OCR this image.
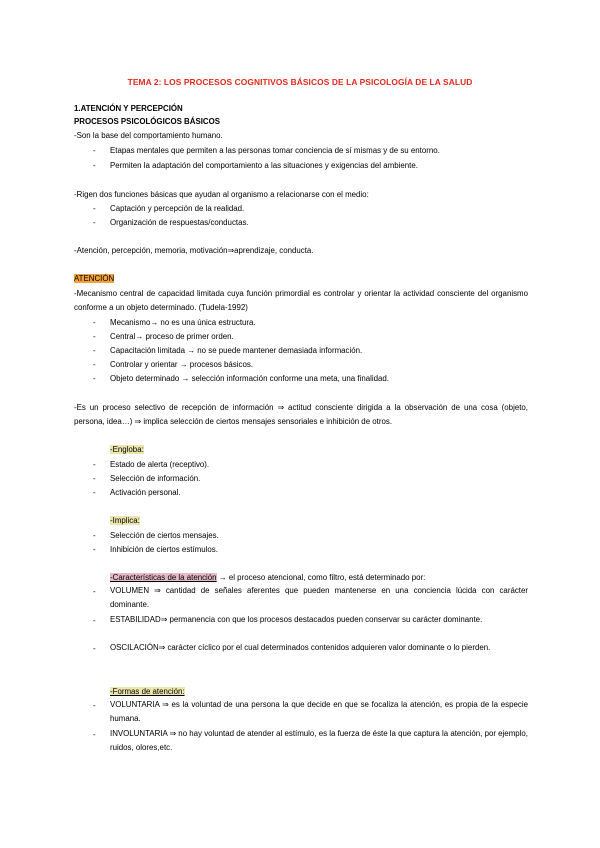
TEMA 2: LOS PROCESOS COGNITIVOS BÁSICOS DE LA PSICOLOGÍA DE LA SALUD
1.ATENCIÓN Y PERCEPCIÓN
PROCESOS PSICOLÓGICOS BÁSICOS
-Son la base del comportamiento humano.
- Etapas mentales que permiten a las personas tomar conciencia de sí mismas y de su entorno.
- Permiten la adaptación del comportamiento a las situaciones y exigencias del ambiente.
-Rigen dos funciones básicas que ayudan al organismo a relacionarse con el medio:
- Captación y percepción de la realidad.
- Organización de respuestas/conductas.
-Atención, percepción, memoria, motivación⇒aprendizaje, conducta.
ATENCIÓN
-Mecanismo central de capacidad limitada cuya función primordial es controlar y orientar la actividad consciente del organismo conforme a un objeto determinado. (Tudela-1992)
- Mecanismo→ no es una única estructura.
- Central→ proceso de primer orden.
- Capacitación limitada → no se puede mantener demasiada información.
- Controlar y orientar → procesos básicos.
- Objeto determinado → selección información conforme una meta, una finalidad.
-Es un proceso selectivo de recepción de información ⇒ actitud consciente dirigida a la observación de una cosa (objeto, persona, idea…) ⇒ implica selección de ciertos mensajes sensoriales e inhibición de otros.
-Engloba:
- Estado de alerta (receptivo).
- Selección de información.
- Activación personal.
-Implica:
- Selección de ciertos mensajes.
- Inhibición de ciertos estímulos.
-Características de la atención → el proceso atencional, como filtro, está determinado por:
- VOLUMEN ⇒ cantidad de señales aferentes que pueden mantenerse en una conciencia lúcida con carácter dominante.
- ESTABILIDAD⇒ permanencia con que los procesos destacados pueden conservar su carácter dominante.
- OSCILACIÓN⇒ carácter cíclico por el cual determinados contenidos adquieren valor dominante o lo pierden.
-Formas de atención:
- VOLUNTARIA ⇒ es la voluntad de una persona la que decide en que se focaliza la atención, es propia de la especie humana.
- INVOLUNTARIA ⇒ no hay voluntad de atender al estímulo, es la fuerza de éste la que captura la atención, por ejemplo, ruidos, olores,etc.
